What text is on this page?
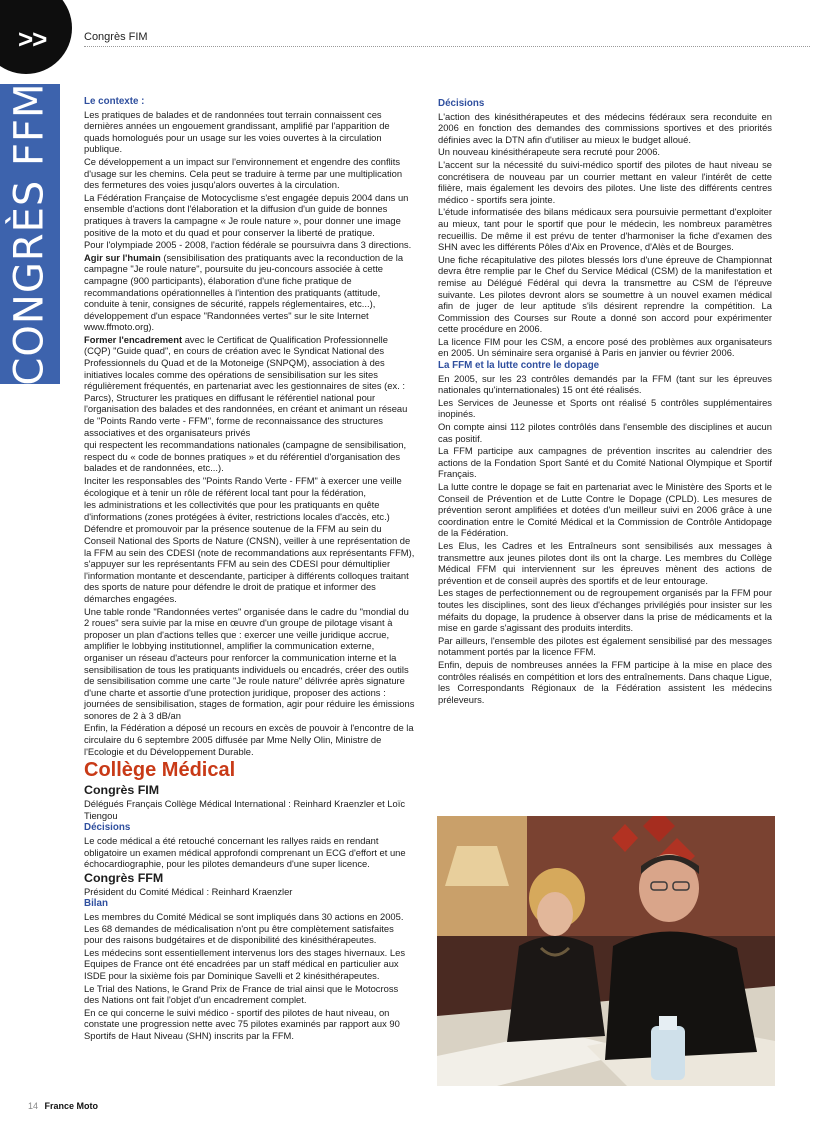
>>
CONGRÈS FFM
Congrès FIM

Le contexte :

Les pratiques de balades et de randonnées tout terrain connaissent ces dernières années un engouement grandissant, amplifié par l'apparition de quads homologués pour un usage sur les voies ouvertes à la circulation publique.

Ce développement a un impact sur l'environnement et engendre des conflits d'usage sur les chemins. Cela peut se traduire à terme par une multiplication des fermetures des voies jusqu'alors ouvertes à la circulation.

La Fédération Française de Motocyclisme s'est engagée depuis 2004 dans un ensemble d'actions dont l'élaboration et la diffusion d'un guide de bonnes pratiques à travers la campagne « Je roule nature », pour donner une image positive de la moto et du quad et pour conserver la liberté de pratique.

Pour l'olympiade 2005 - 2008, l'action fédérale se poursuivra dans 3 directions.

Agir sur l'humain (sensibilisation des pratiquants avec la reconduction de la campagne "Je roule nature", poursuite du jeu-concours associée à cette campagne (900 participants), élaboration d'une fiche pratique de recommandations opérationnelles à l'intention des pratiquants (attitude, conduite à tenir, consignes de sécurité, rappels réglementaires, etc...), développement d'un espace "Randonnées vertes" sur le site Internet www.ffmoto.org).

Former l'encadrement avec le Certificat de Qualification Professionnelle (CQP) "Guide quad", en cours de création avec le Syndicat National des Professionnels du Quad et de la Motoneige (SNPQM), association à des initiatives locales comme des opérations de sensibilisation sur les sites régulièrement fréquentés, en partenariat avec les gestionnaires de sites (ex. : Parcs), Structurer les pratiques en diffusant le référentiel national pour l'organisation des balades et des randonnées, en créant et animant un réseau de "Points Rando verte - FFM", forme de reconnaissance des structures associatives et des organisateurs privés

qui respectent les recommandations nationales (campagne de sensibilisation, respect du « code de bonnes pratiques » et du référentiel d'organisation des balades et de randonnées, etc...).

Inciter les responsables des "Points Rando Verte - FFM" à exercer une veille écologique et à tenir un rôle de référent local tant pour la fédération,

les administrations et les collectivités que pour les pratiquants en quête d'informations (zones protégées à éviter, restrictions locales d'accès, etc.)

Défendre et promouvoir par la présence soutenue de la FFM au sein du Conseil National des Sports de Nature (CNSN), veiller à une représentation de la FFM au sein des CDESI (note de recommandations aux représentants FFM), s'appuyer sur les représentants FFM au sein des CDESI pour démultiplier l'information montante et descendante, participer à différents colloques traitant des sports de nature pour défendre le droit de pratique et informer des démarches engagées.

Une table ronde "Randonnées vertes" organisée dans le cadre du "mondial du 2 roues" sera suivie par la mise en œuvre d'un groupe de pilotage visant à proposer un plan d'actions telles que : exercer une veille juridique accrue, amplifier le lobbying institutionnel, amplifier la communication externe, organiser un réseau d'acteurs pour renforcer la communication interne et la sensibilisation de tous les pratiquants individuels ou encadrés, créer des outils de sensibilisation comme une carte "Je roule nature" délivrée après signature d'une charte et assortie d'une protection juridique, proposer des actions : journées de sensibilisation, stages de formation, agir pour réduire les émissions sonores de 2 à 3 dB/an

Enfin, la Fédération a déposé un recours en excès de pouvoir à l'encontre de la circulaire du 6 septembre 2005 diffusée par Mme Nelly Olin, Ministre de l'Ecologie et du Développement Durable.

Collège Médical

Congrès FIM

Délégués Français Collège Médical International : Reinhard Kraenzler et Loïc Tiengou

Décisions

Le code médical a été retouché concernant les rallyes raids en rendant obligatoire un examen médical approfondi comprenant un ECG d'effort et une échocardiographie, pour les pilotes demandeurs d'une super licence.

Congrès FFM

Président du Comité Médical : Reinhard Kraenzler

Bilan

Les membres du Comité Médical se sont impliqués dans 30 actions en 2005. Les 68 demandes de médicalisation n'ont pu être complètement satisfaites pour des raisons budgétaires et de disponibilité des kinésithérapeutes.

Les médecins sont essentiellement intervenus lors des stages hivernaux. Les Equipes de France ont été encadrées par un staff médical en particulier aux ISDE pour la sixième fois par Dominique Savelli et 2 kinésithérapeutes.

Le Trial des Nations, le Grand Prix de France de trial ainsi que le Motocross des Nations ont fait l'objet d'un encadrement complet.

En ce qui concerne le suivi médico - sportif des pilotes de haut niveau, on constate une progression nette avec 75 pilotes examinés par rapport aux 90 Sportifs de Haut Niveau (SHN) inscrits par la FFM.

Décisions

L'action des kinésithérapeutes et des médecins fédéraux sera reconduite en 2006 en fonction des demandes des commissions sportives et des priorités définies avec la DTN afin d'utiliser au mieux le budget alloué.

Un nouveau kinésithérapeute sera recruté pour 2006.

L'accent sur la nécessité du suivi-médico sportif des pilotes de haut niveau se concrétisera de nouveau par un courrier mettant en valeur l'intérêt de cette filière, mais également les devoirs des pilotes. Une liste des différents centres médico - sportifs sera jointe.

L'étude informatisée des bilans médicaux sera poursuivie permettant d'exploiter au mieux, tant pour le sportif que pour le médecin, les nombreux paramètres recueillis. De même il est prévu de tenter d'harmoniser la fiche d'examen des SHN avec les différents Pôles d'Aix en Provence, d'Alès et de Bourges.

Une fiche récapitulative des pilotes blessés lors d'une épreuve de Championnat devra être remplie par le Chef du Service Médical (CSM) de la manifestation et remise au Délégué Fédéral qui devra la transmettre au CSM de l'épreuve suivante. Les pilotes devront alors se soumettre à un nouvel examen médical afin de juger de leur aptitude s'ils désirent reprendre la compétition. La Commission des Courses sur Route a donné son accord pour expérimenter cette procédure en 2006.

La licence FIM pour les CSM, a encore posé des problèmes aux organisateurs en 2005. Un séminaire sera organisé à Paris en janvier ou février 2006.

La FFM et la lutte contre le dopage

En 2005, sur les 23 contrôles demandés par la FFM (tant sur les épreuves nationales qu'internationales) 15 ont été réalisés.

Les Services de Jeunesse et Sports ont réalisé 5 contrôles supplémentaires inopinés.

On compte ainsi 112 pilotes contrôlés dans l'ensemble des disciplines et aucun cas positif.

La FFM participe aux campagnes de prévention inscrites au calendrier des actions de la Fondation Sport Santé et du Comité National Olympique et Sportif Français.

La lutte contre le dopage se fait en partenariat avec le Ministère des Sports et le Conseil de Prévention et de Lutte Contre le Dopage (CPLD). Les mesures de prévention seront amplifiées et dotées d'un meilleur suivi en 2006 grâce à une coordination entre le Comité Médical et la Commission de Contrôle Antidopage de la Fédération.

Les Elus, les Cadres et les Entraîneurs sont sensibilisés aux messages à transmettre aux jeunes pilotes dont ils ont la charge. Les membres du Collège Médical FFM qui interviennent sur les épreuves mènent des actions de prévention et de conseil auprès des sportifs et de leur entourage.

Les stages de perfectionnement ou de regroupement organisés par la FFM pour toutes les disciplines, sont des lieux d'échanges privilégiés pour insister sur les méfaits du dopage, la prudence à observer dans la prise de médicaments et la mise en garde s'agissant des produits interdits.

Par ailleurs, l'ensemble des pilotes est également sensibilisé par des messages notamment portés par la licence FFM.

Enfin, depuis de nombreuses années la FFM participe à la mise en place des contrôles réalisés en compétition et lors des entraînements. Dans chaque Ligue, les Correspondants Régionaux de la Fédération assistent les médecins préleveurs.

14 France Moto
